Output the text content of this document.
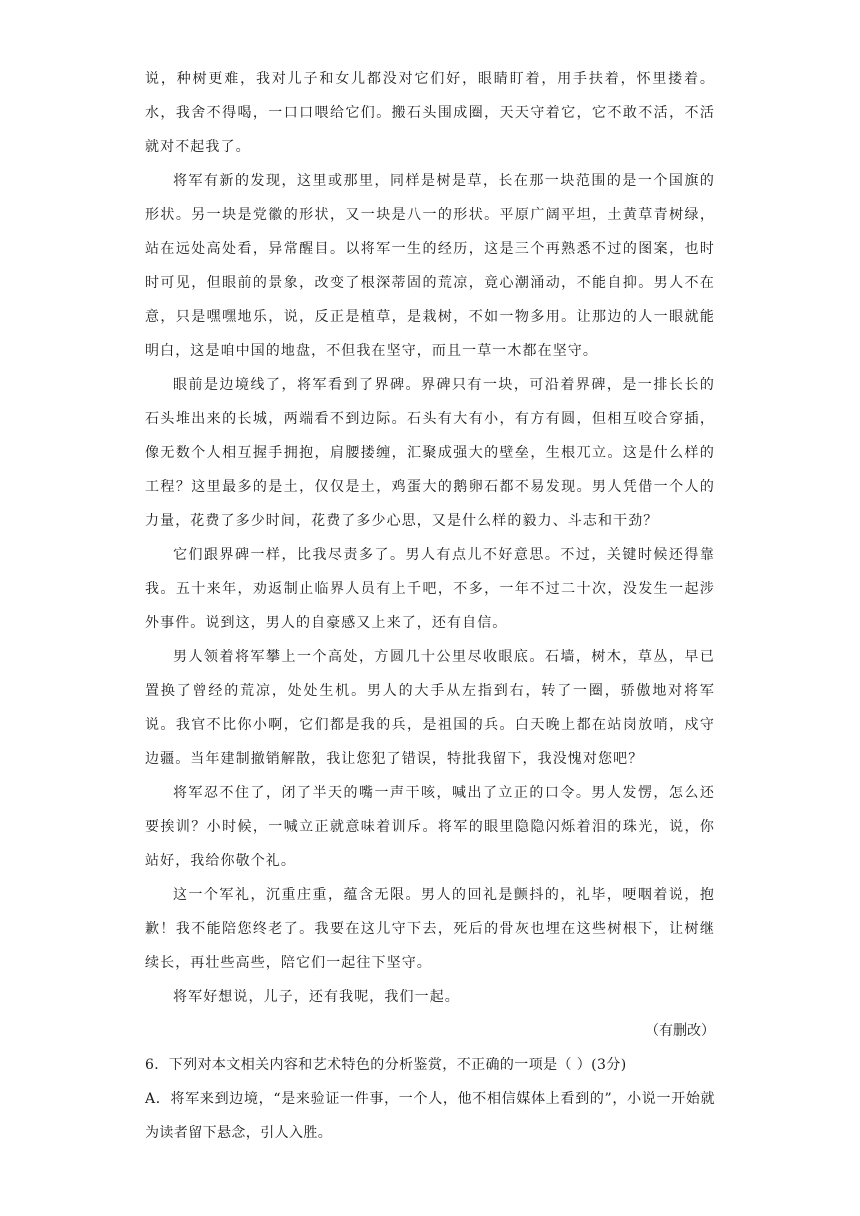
说，种树更难，我对儿子和女儿都没对它们好，眼睛盯着，用手扶着，怀里搂着。水，我舍不得喝，一口口喂给它们。搬石头围成圈，天天守着它，它不敢不活，不活就对不起我了。

将军有新的发现，这里或那里，同样是树是草，长在那一块范围的是一个国旗的形状。另一块是党徽的形状，又一块是八一的形状。平原广阔平坦，土黄草青树绿，站在远处高处看，异常醒目。以将军一生的经历，这是三个再熟悉不过的图案，也时时可见，但眼前的景象，改变了根深蒂固的荒凉，竟心潮涌动，不能自抑。男人不在意，只是嘿嘿地乐，说，反正是植草，是栽树，不如一物多用。让那边的人一眼就能明白，这是咱中国的地盘，不但我在坚守，而且一草一木都在坚守。

眼前是边境线了，将军看到了界碑。界碑只有一块，可沿着界碑，是一排长长的石头堆出来的长城，两端看不到边际。石头有大有小，有方有圆，但相互咬合穿插，像无数个人相互握手拥抱，肩腰搂缠，汇聚成强大的壁垒，生根兀立。这是什么样的工程？这里最多的是土，仅仅是土，鸡蛋大的鹅卵石都不易发现。男人凭借一个人的力量，花费了多少时间，花费了多少心思，又是什么样的毅力、斗志和干劲？

它们跟界碑一样，比我尽责多了。男人有点儿不好意思。不过，关键时候还得靠我。五十来年，劝返制止临界人员有上千吧，不多，一年不过二十次，没发生一起涉外事件。说到这，男人的自豪感又上来了，还有自信。

男人领着将军攀上一个高处，方圆几十公里尽收眼底。石墙，树木，草丛，早已置换了曾经的荒凉，处处生机。男人的大手从左指到右，转了一圈，骄傲地对将军说。我官不比你小啊，它们都是我的兵，是祖国的兵。白天晚上都在站岗放哨，戍守边疆。当年建制撤销解散，我让您犯了错误，特批我留下，我没愧对您吧？

将军忍不住了，闭了半天的嘴一声干咳，喊出了立正的口令。男人发愣，怎么还要挨训？小时候，一喊立正就意味着训斥。将军的眼里隐隐闪烁着泪的珠光，说，你站好，我给你敬个礼。

这一个军礼，沉重庄重，蕴含无限。男人的回礼是颤抖的，礼毕，哽咽着说，抱歉！我不能陪您终老了。我要在这儿守下去，死后的骨灰也埋在这些树根下，让树继续长，再壮些高些，陪它们一起往下坚守。

将军好想说，儿子，还有我呢，我们一起。

（有删改）

6．下列对本文相关内容和艺术特色的分析鉴赏，不正确的一项是（ ）(3分)

A．将军来到边境，“是来验证一件事，一个人，他不相信媒体上看到的”，小说一开始就为读者留下悬念，引人入胜。
